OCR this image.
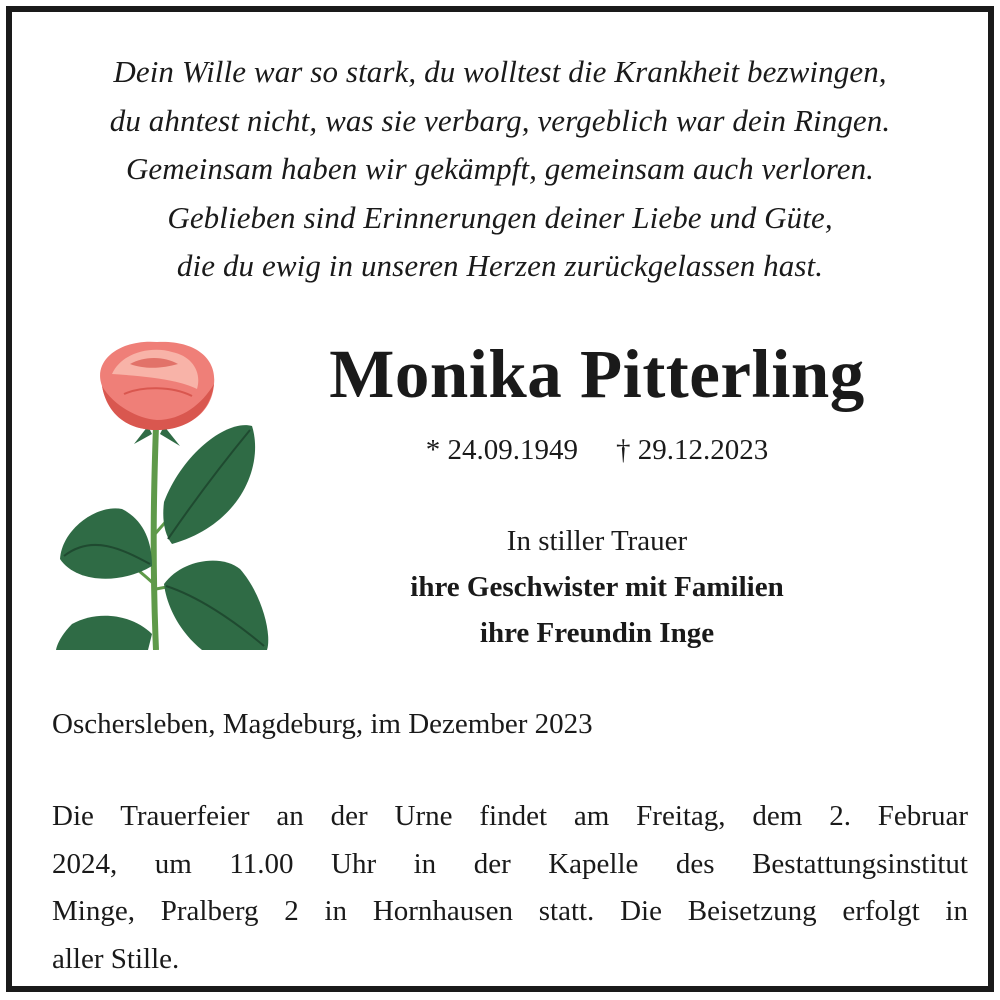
Dein Wille war so stark, du wolltest die Krankheit bezwingen,
du ahntest nicht, was sie verbarg, vergeblich war dein Ringen.
Gemeinsam haben wir gekämpft, gemeinsam auch verloren.
Geblieben sind Erinnerungen deiner Liebe und Güte,
die du ewig in unseren Herzen zurückgelassen hast.
Monika Pitterling
* 24.09.1949 † 29.12.2023
In stiller Trauer
ihre Geschwister mit Familien
ihre Freundin Inge
Oschersleben, Magdeburg, im Dezember 2023
Die Trauerfeier an der Urne findet am Freitag, dem 2. Februar
2024, um 11.00 Uhr in der Kapelle des Bestattungsinstitut
Minge, Pralberg 2 in Hornhausen statt. Die Beisetzung erfolgt in
aller Stille.
